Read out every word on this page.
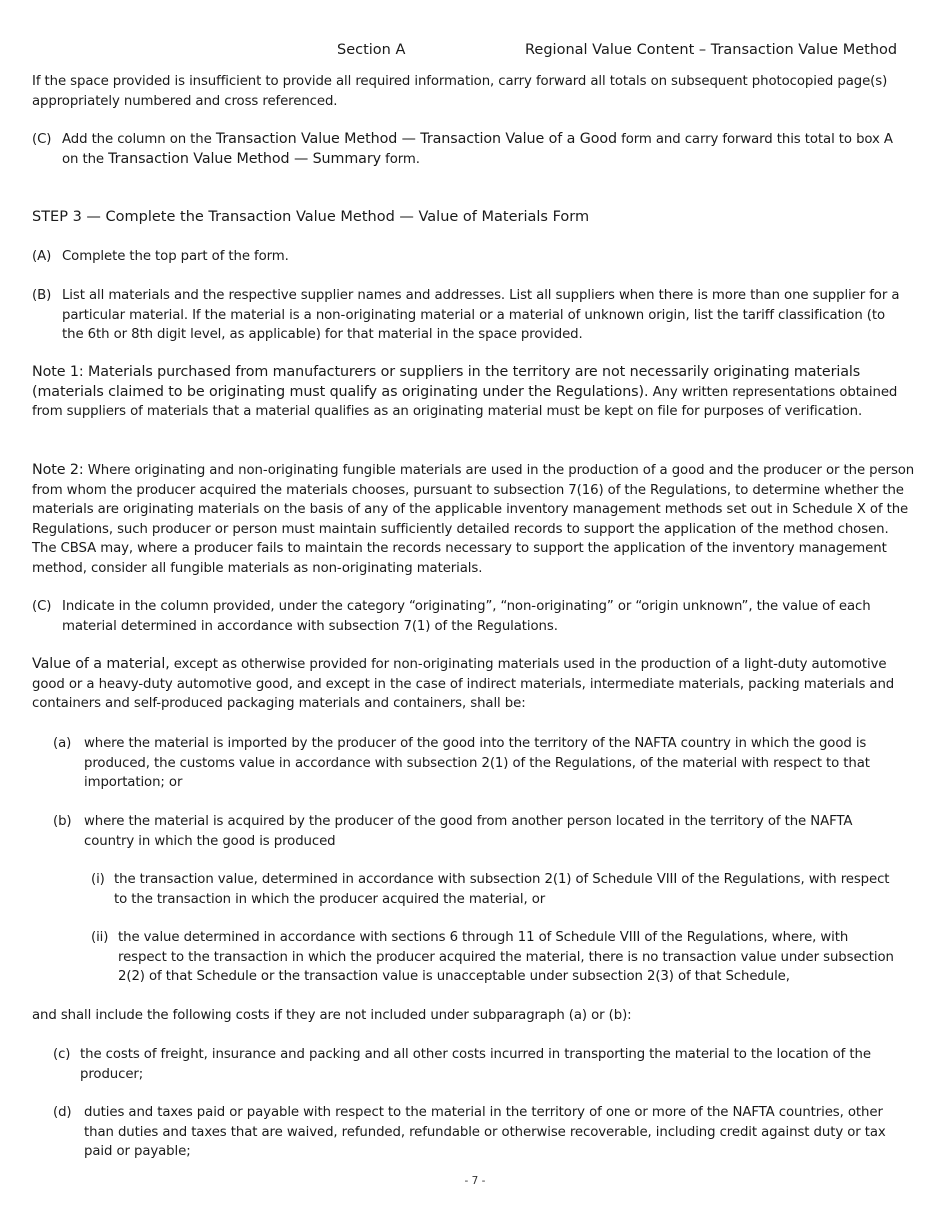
Section A	Regional Value Content – Transaction Value Method

If the space provided is insufficient to provide all required information, carry forward all totals on subsequent photocopied page(s) appropriately numbered and cross referenced.

(C) Add the column on the Transaction Value Method — Transaction Value of a Good form and carry forward this total to box A on the Transaction Value Method — Summary form.
STEP 3 — Complete the Transaction Value Method — Value of Materials Form
(A) Complete the top part of the form.
(B) List all materials and the respective supplier names and addresses. List all suppliers when there is more than one supplier for a particular material. If the material is a non-originating material or a material of unknown origin, list the tariff classification (to the 6th or 8th digit level, as applicable) for that material in the space provided.

Note 1: Materials purchased from manufacturers or suppliers in the territory are not necessarily originating materials (materials claimed to be originating must qualify as originating under the Regulations). Any written representations obtained from suppliers of materials that a material qualifies as an originating material must be kept on file for purposes of verification.

Note 2: Where originating and non-originating fungible materials are used in the production of a good and the producer or the person from whom the producer acquired the materials chooses, pursuant to subsection 7(16) of the Regulations, to determine whether the materials are originating materials on the basis of any of the applicable inventory management methods set out in Schedule X of the Regulations, such producer or person must maintain sufficiently detailed records to support the application of the method chosen. The CBSA may, where a producer fails to maintain the records necessary to support the application of the inventory management method, consider all fungible materials as non-originating materials.

(C) Indicate in the column provided, under the category “originating”, “non-originating” or “origin unknown”, the value of each material determined in accordance with subsection 7(1) of the Regulations.

Value of a material, except as otherwise provided for non-originating materials used in the production of a light-duty automotive good or a heavy-duty automotive good, and except in the case of indirect materials, intermediate materials, packing materials and containers and self-produced packaging materials and containers, shall be:

(a) where the material is imported by the producer of the good into the territory of the NAFTA country in which the good is produced, the customs value in accordance with subsection 2(1) of the Regulations, of the material with respect to that importation; or
(b) where the material is acquired by the producer of the good from another person located in the territory of the NAFTA country in which the good is produced
(i) the transaction value, determined in accordance with subsection 2(1) of Schedule VIII of the Regulations, with respect to the transaction in which the producer acquired the material, or
(ii) the value determined in accordance with sections 6 through 11 of Schedule VIII of the Regulations, where, with respect to the transaction in which the producer acquired the material, there is no transaction value under subsection 2(2) of that Schedule or the transaction value is unacceptable under subsection 2(3) of that Schedule,

and shall include the following costs if they are not included under subparagraph (a) or (b):

(c) the costs of freight, insurance and packing and all other costs incurred in transporting the material to the location of the producer;
(d) duties and taxes paid or payable with respect to the material in the territory of one or more of the NAFTA countries, other than duties and taxes that are waived, refunded, refundable or otherwise recoverable, including credit against duty or tax paid or payable;
- 7 -
